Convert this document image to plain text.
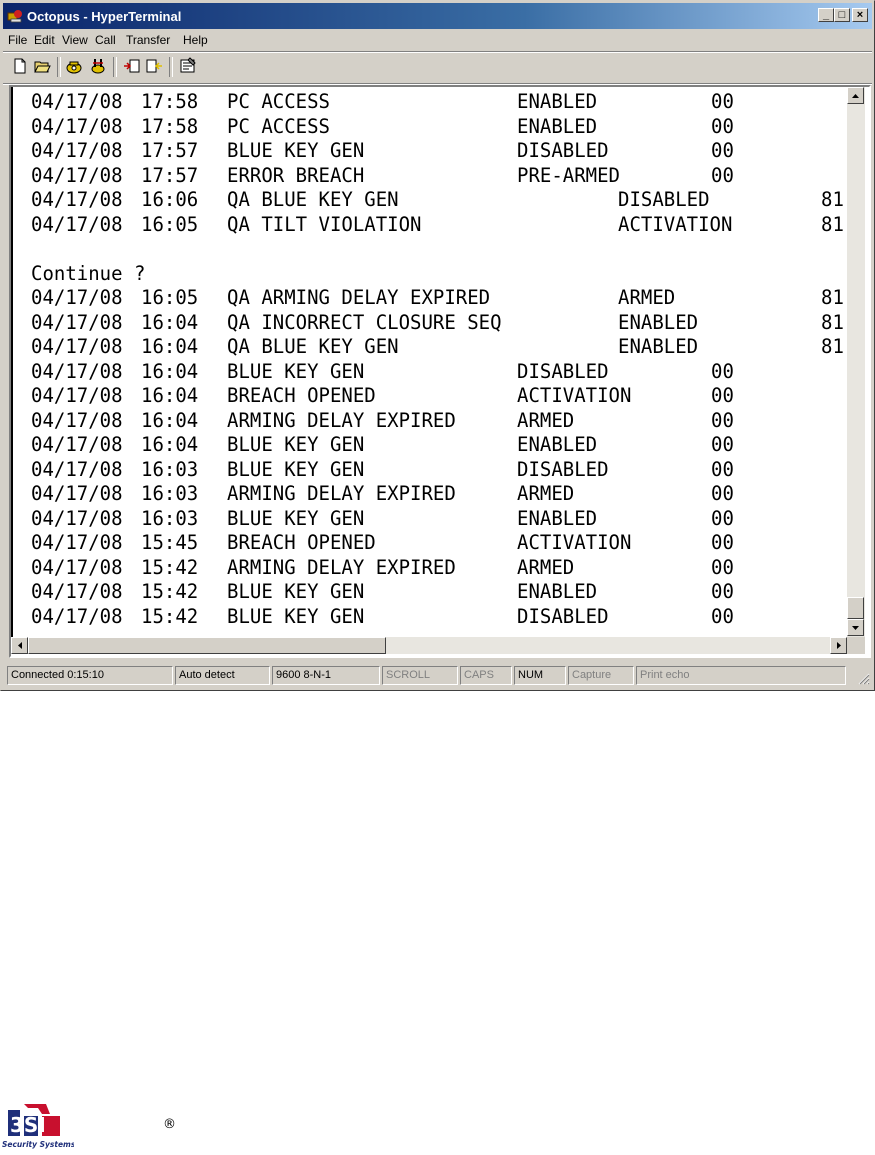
Octopus - HyperTerminal	_ □	×
File Edit View Call Transfer Help
04/17/08 17:58 PC ACCESS	ENABLED	00
04/17/08 17:58 PC ACCESS	ENABLED	00
04/17/08 17:57 BLUE KEY GEN	DISABLED	00
04/17/08 17:57 ERROR BREACH	PRE-ARMED	00
04/17/08 16:06 QA BLUE KEY GEN	DISABLED	81
04/17/08 16:05 QA TILT VIOLATION	ACTIVATION	81
Continue ?
04/17/08 16:05 QA ARMING DELAY EXPIRED	ARMED	81
04/17/08 16:04 QA INCORRECT CLOSURE SEQ	ENABLED	81
04/17/08 16:04 QA BLUE KEY GEN	ENABLED	81
04/17/08 16:04 BLUE KEY GEN	DISABLED	00
04/17/08 16:04 BREACH OPENED	ACTIVATION	00
04/17/08 16:04 ARMING DELAY EXPIRED	ARMED	00
04/17/08 16:04 BLUE KEY GEN	ENABLED	00
04/17/08 16:03 BLUE KEY GEN	DISABLED	00
04/17/08 16:03 ARMING DELAY EXPIRED	ARMED	00
04/17/08 16:03 BLUE KEY GEN	ENABLED	00
04/17/08 15:45 BREACH OPENED	ACTIVATION	00
04/17/08 15:42 ARMING DELAY EXPIRED	ARMED	00
04/17/08 15:42 BLUE KEY GEN	ENABLED	00
04/17/08 15:42 BLUE KEY GEN	DISABLED	00
Connected 0:15:10	Auto detect	9600 8-N-1	SCROLL	CAPS	NUM	Capture	Print echo
3SI
Security Systems
®
